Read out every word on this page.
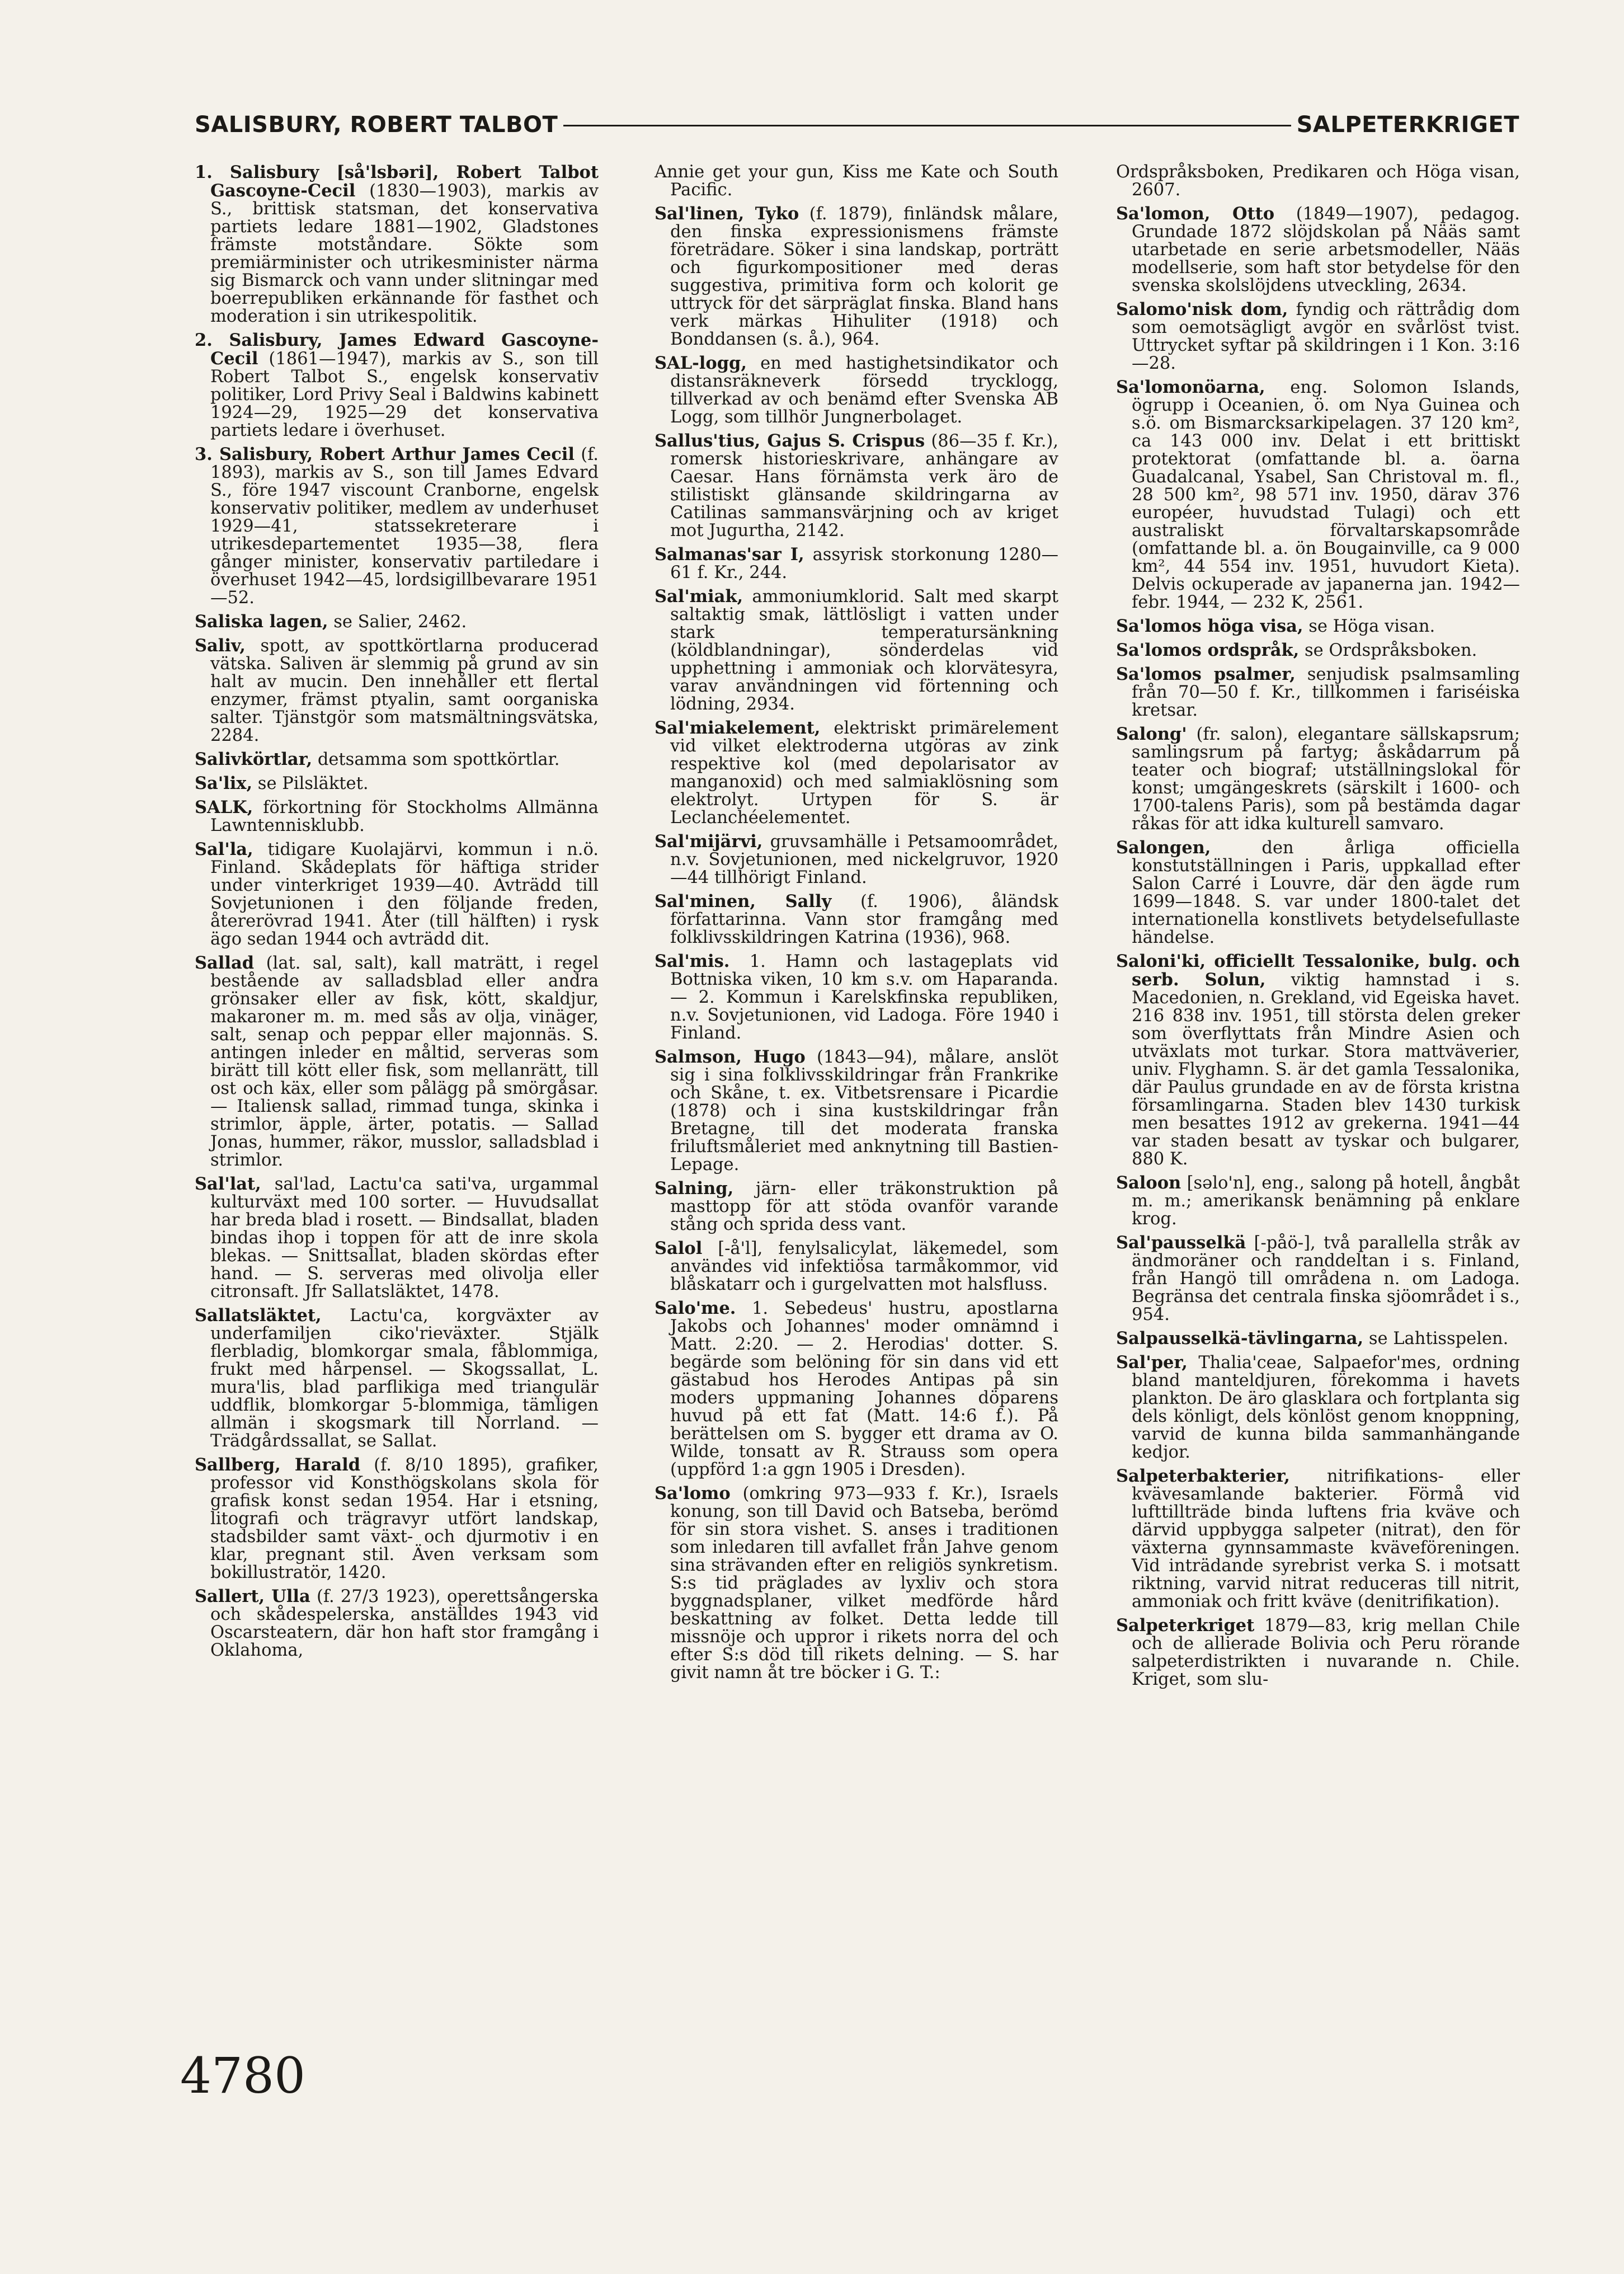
SALISBURY, ROBERT TALBOT	SALPETERKRIGET

1. Salisbury [så'lsbəri], Robert Talbot Gascoyne-Cecil (1830—1903), markis av S., brittisk statsman, det konservativa partiets ledare 1881—1902, Gladstones främste motståndare. Sökte som premiärminister och utrikesminister närma sig Bismarck och vann under slitningar med boerrepubliken erkännande för fasthet och moderation i sin utrikespolitik.

2. Salisbury, James Edward Gascoyne-Cecil (1861—1947), markis av S., son till Robert Talbot S., engelsk konservativ politiker, Lord Privy Seal i Baldwins kabinett 1924—29, 1925—29 det konservativa partiets ledare i överhuset.

3. Salisbury, Robert Arthur James Cecil (f. 1893), markis av S., son till James Edvard S., före 1947 viscount Cranborne, engelsk konservativ politiker, medlem av underhuset 1929—41, statssekreterare i utrikesdepartementet 1935—38, flera gånger minister, konservativ partiledare i överhuset 1942—45, lordsigillbevarare 1951—52.

Saliska lagen, se Salier, 2462.

Saliv, spott, av spottkörtlarna producerad vätska. Saliven är slemmig på grund av sin halt av mucin. Den innehåller ett flertal enzymer, främst ptyalin, samt oorganiska salter. Tjänstgör som matsmältningsvätska, 2284.

Salivkörtlar, detsamma som spottkörtlar.

Sa'lix, se Pilsläktet.

SALK, förkortning för Stockholms Allmänna Lawntennisklubb.

Sal'la, tidigare Kuolajärvi, kommun i n.ö. Finland. Skådeplats för häftiga strider under vinterkriget 1939—40. Avträdd till Sovjetunionen i den följande freden, återerövrad 1941. Åter (till hälften) i rysk ägo sedan 1944 och avträdd dit.

Sallad (lat. sal, salt), kall maträtt, i regel bestående av salladsblad eller andra grönsaker eller av fisk, kött, skaldjur, makaroner m. m. med sås av olja, vinäger, salt, senap och peppar eller majonnäs. S. antingen inleder en måltid, serveras som birätt till kött eller fisk, som mellanrätt, till ost och käx, eller som pålägg på smörgåsar. — Italiensk sallad, rimmad tunga, skinka i strimlor, äpple, ärter, potatis. — Sallad Jonas, hummer, räkor, musslor, salladsblad i strimlor.

Sal'lat, sal'lad, Lactu'ca sati'va, urgammal kulturväxt med 100 sorter. — Huvudsallat har breda blad i rosett. — Bindsallat, bladen bindas ihop i toppen för att de inre skola blekas. — Snittsallat, bladen skördas efter hand. — S. serveras med olivolja eller citronsaft. Jfr Sallatsläktet, 1478.

Sallatsläktet, Lactu'ca, korgväxter av underfamiljen ciko'rieväxter. Stjälk flerbladig, blomkorgar smala, fåblommiga, frukt med hårpensel. — Skogssallat, L. mura'lis, blad parflikiga med triangulär uddflik, blomkorgar 5-blommiga, tämligen allmän i skogsmark till Norrland. — Trädgårdssallat, se Sallat.

Sallberg, Harald (f. 8/10 1895), grafiker, professor vid Konsthögskolans skola för grafisk konst sedan 1954. Har i etsning, litografi och trägravyr utfört landskap, stadsbilder samt växt- och djurmotiv i en klar, pregnant stil. Även verksam som bokillustratör, 1420.

Sallert, Ulla (f. 27/3 1923), operettsångerska och skådespelerska, anställdes 1943 vid Oscarsteatern, där hon haft stor framgång i Oklahoma,

Annie get your gun, Kiss me Kate och South Pacific.

Sal'linen, Tyko (f. 1879), finländsk målare, den finska expressionismens främste företrädare. Söker i sina landskap, porträtt och figurkompositioner med deras suggestiva, primitiva form och kolorit ge uttryck för det särpräglat finska. Bland hans verk märkas Hihuliter (1918) och Bonddansen (s. å.), 964.

SAL-logg, en med hastighetsindikator och distansräkneverk försedd trycklogg, tillverkad av och benämd efter Svenska AB Logg, som tillhör Jungnerbolaget.

Sallus'tius, Gajus S. Crispus (86—35 f. Kr.), romersk historieskrivare, anhängare av Caesar. Hans förnämsta verk äro de stilistiskt glänsande skildringarna av Catilinas sammansvärjning och av kriget mot Jugurtha, 2142.

Salmanas'sar I, assyrisk storkonung 1280—61 f. Kr., 244.

Sal'miak, ammoniumklorid. Salt med skarpt saltaktig smak, lättlösligt i vatten under stark temperatursänkning (köldblandningar), sönderdelas vid upphettning i ammoniak och klorvätesyra, varav användningen vid förtenning och lödning, 2934.

Sal'miakelement, elektriskt primärelement vid vilket elektroderna utgöras av zink respektive kol (med depolarisator av manganoxid) och med salmiaklösning som elektrolyt. Urtypen för S. är Leclanchéelementet.

Sal'mijärvi, gruvsamhälle i Petsamoområdet, n.v. Sovjetunionen, med nickelgruvor, 1920—44 tillhörigt Finland.

Sal'minen, Sally (f. 1906), åländsk författarinna. Vann stor framgång med folklivsskildringen Katrina (1936), 968.

Sal'mis. 1. Hamn och lastageplats vid Bottniska viken, 10 km s.v. om Haparanda. — 2. Kommun i Karelskfinska republiken, n.v. Sovjetunionen, vid Ladoga. Före 1940 i Finland.

Salmson, Hugo (1843—94), målare, anslöt sig i sina folklivsskildringar från Frankrike och Skåne, t. ex. Vitbetsrensare i Picardie (1878) och i sina kustskildringar från Bretagne, till det moderata franska friluftsmåleriet med anknytning till Bastien-Lepage.

Salning, järn- eller träkonstruktion på masttopp för att stöda ovanför varande stång och sprida dess vant.

Salol [-å'l], fenylsalicylat, läkemedel, som användes vid infektiösa tarmåkommor, vid blåskatarr och i gurgelvatten mot halsfluss.

Salo'me. 1. Sebedeus' hustru, apostlarna Jakobs och Johannes' moder omnämnd i Matt. 2:20. — 2. Herodias' dotter. S. begärde som belöning för sin dans vid ett gästabud hos Herodes Antipas på sin moders uppmaning Johannes döparens huvud på ett fat (Matt. 14:6 f.). På berättelsen om S. bygger ett drama av O. Wilde, tonsatt av R. Strauss som opera (uppförd 1:a ggn 1905 i Dresden).

Sa'lomo (omkring 973—933 f. Kr.), Israels konung, son till David och Batseba, berömd för sin stora vishet. S. anses i traditionen som inledaren till avfallet från Jahve genom sina strävanden efter en religiös synkretism. S:s tid präglades av lyxliv och stora byggnadsplaner, vilket medförde hård beskattning av folket. Detta ledde till missnöje och uppror i rikets norra del och efter S:s död till rikets delning. — S. har givit namn åt tre böcker i G. T.:

Ordspråksboken, Predikaren och Höga visan, 2607.

Sa'lomon, Otto (1849—1907), pedagog. Grundade 1872 slöjdskolan på Nääs samt utarbetade en serie arbetsmodeller, Nääs modellserie, som haft stor betydelse för den svenska skolslöjdens utveckling, 2634.

Salomo'nisk dom, fyndig och rättrådig dom som oemotsägligt avgör en svårlöst tvist. Uttrycket syftar på skildringen i 1 Kon. 3:16—28.

Sa'lomonöarna, eng. Solomon Islands, ögrupp i Oceanien, ö. om Nya Guinea och s.ö. om Bismarcksarkipelagen. 37 120 km², ca 143 000 inv. Delat i ett brittiskt protektorat (omfattande bl. a. öarna Guadalcanal, Ysabel, San Christoval m. fl., 28 500 km², 98 571 inv. 1950, därav 376 européer, huvudstad Tulagi) och ett australiskt förvaltarskapsområde (omfattande bl. a. ön Bougainville, ca 9 000 km², 44 554 inv. 1951, huvudort Kieta). Delvis ockuperade av japanerna jan. 1942—febr. 1944, — 232 K, 2561.

Sa'lomos höga visa, se Höga visan.

Sa'lomos ordspråk, se Ordspråksboken.

Sa'lomos psalmer, senjudisk psalmsamling från 70—50 f. Kr., tillkommen i fariséiska kretsar.

Salong' (fr. salon), elegantare sällskapsrum; samlingsrum på fartyg; åskådarrum på teater och biograf; utställningslokal för konst; umgängeskrets (särskilt i 1600- och 1700-talens Paris), som på bestämda dagar råkas för att idka kulturell samvaro.

Salongen, den årliga officiella konstutställningen i Paris, uppkallad efter Salon Carré i Louvre, där den ägde rum 1699—1848. S. var under 1800-talet det internationella konstlivets betydelsefullaste händelse.

Saloni'ki, officiellt Tessalonike, bulg. och serb. Solun, viktig hamnstad i s. Macedonien, n. Grekland, vid Egeiska havet. 216 838 inv. 1951, till största delen greker som överflyttats från Mindre Asien och utväxlats mot turkar. Stora mattväverier, univ. Flyghamn. S. är det gamla Tessalonika, där Paulus grundade en av de första kristna församlingarna. Staden blev 1430 turkisk men besattes 1912 av grekerna. 1941—44 var staden besatt av tyskar och bulgarer, 880 K.

Saloon [səlo'n], eng., salong på hotell, ångbåt m. m.; amerikansk benämning på enklare krog.

Sal'pausselkä [-påö-], två parallella stråk av ändmoräner och randdeltan i s. Finland, från Hangö till områdena n. om Ladoga. Begränsa det centrala finska sjöområdet i s., 954.

Salpausselkä-tävlingarna, se Lahtisspelen.

Sal'per, Thalia'ceae, Salpaefor'mes, ordning bland manteldjuren, förekomma i havets plankton. De äro glasklara och fortplanta sig dels könligt, dels könlöst genom knoppning, varvid de kunna bilda sammanhängande kedjor.

Salpeterbakterier, nitrifikations- eller kvävesamlande bakterier. Förmå vid lufttillträde binda luftens fria kväve och därvid uppbygga salpeter (nitrat), den för växterna gynnsammaste kväveföreningen. Vid inträdande syrebrist verka S. i motsatt riktning, varvid nitrat reduceras till nitrit, ammoniak och fritt kväve (denitrifikation).

Salpeterkriget 1879—83, krig mellan Chile och de allierade Bolivia och Peru rörande salpeterdistrikten i nuvarande n. Chile. Kriget, som slu-

4780
